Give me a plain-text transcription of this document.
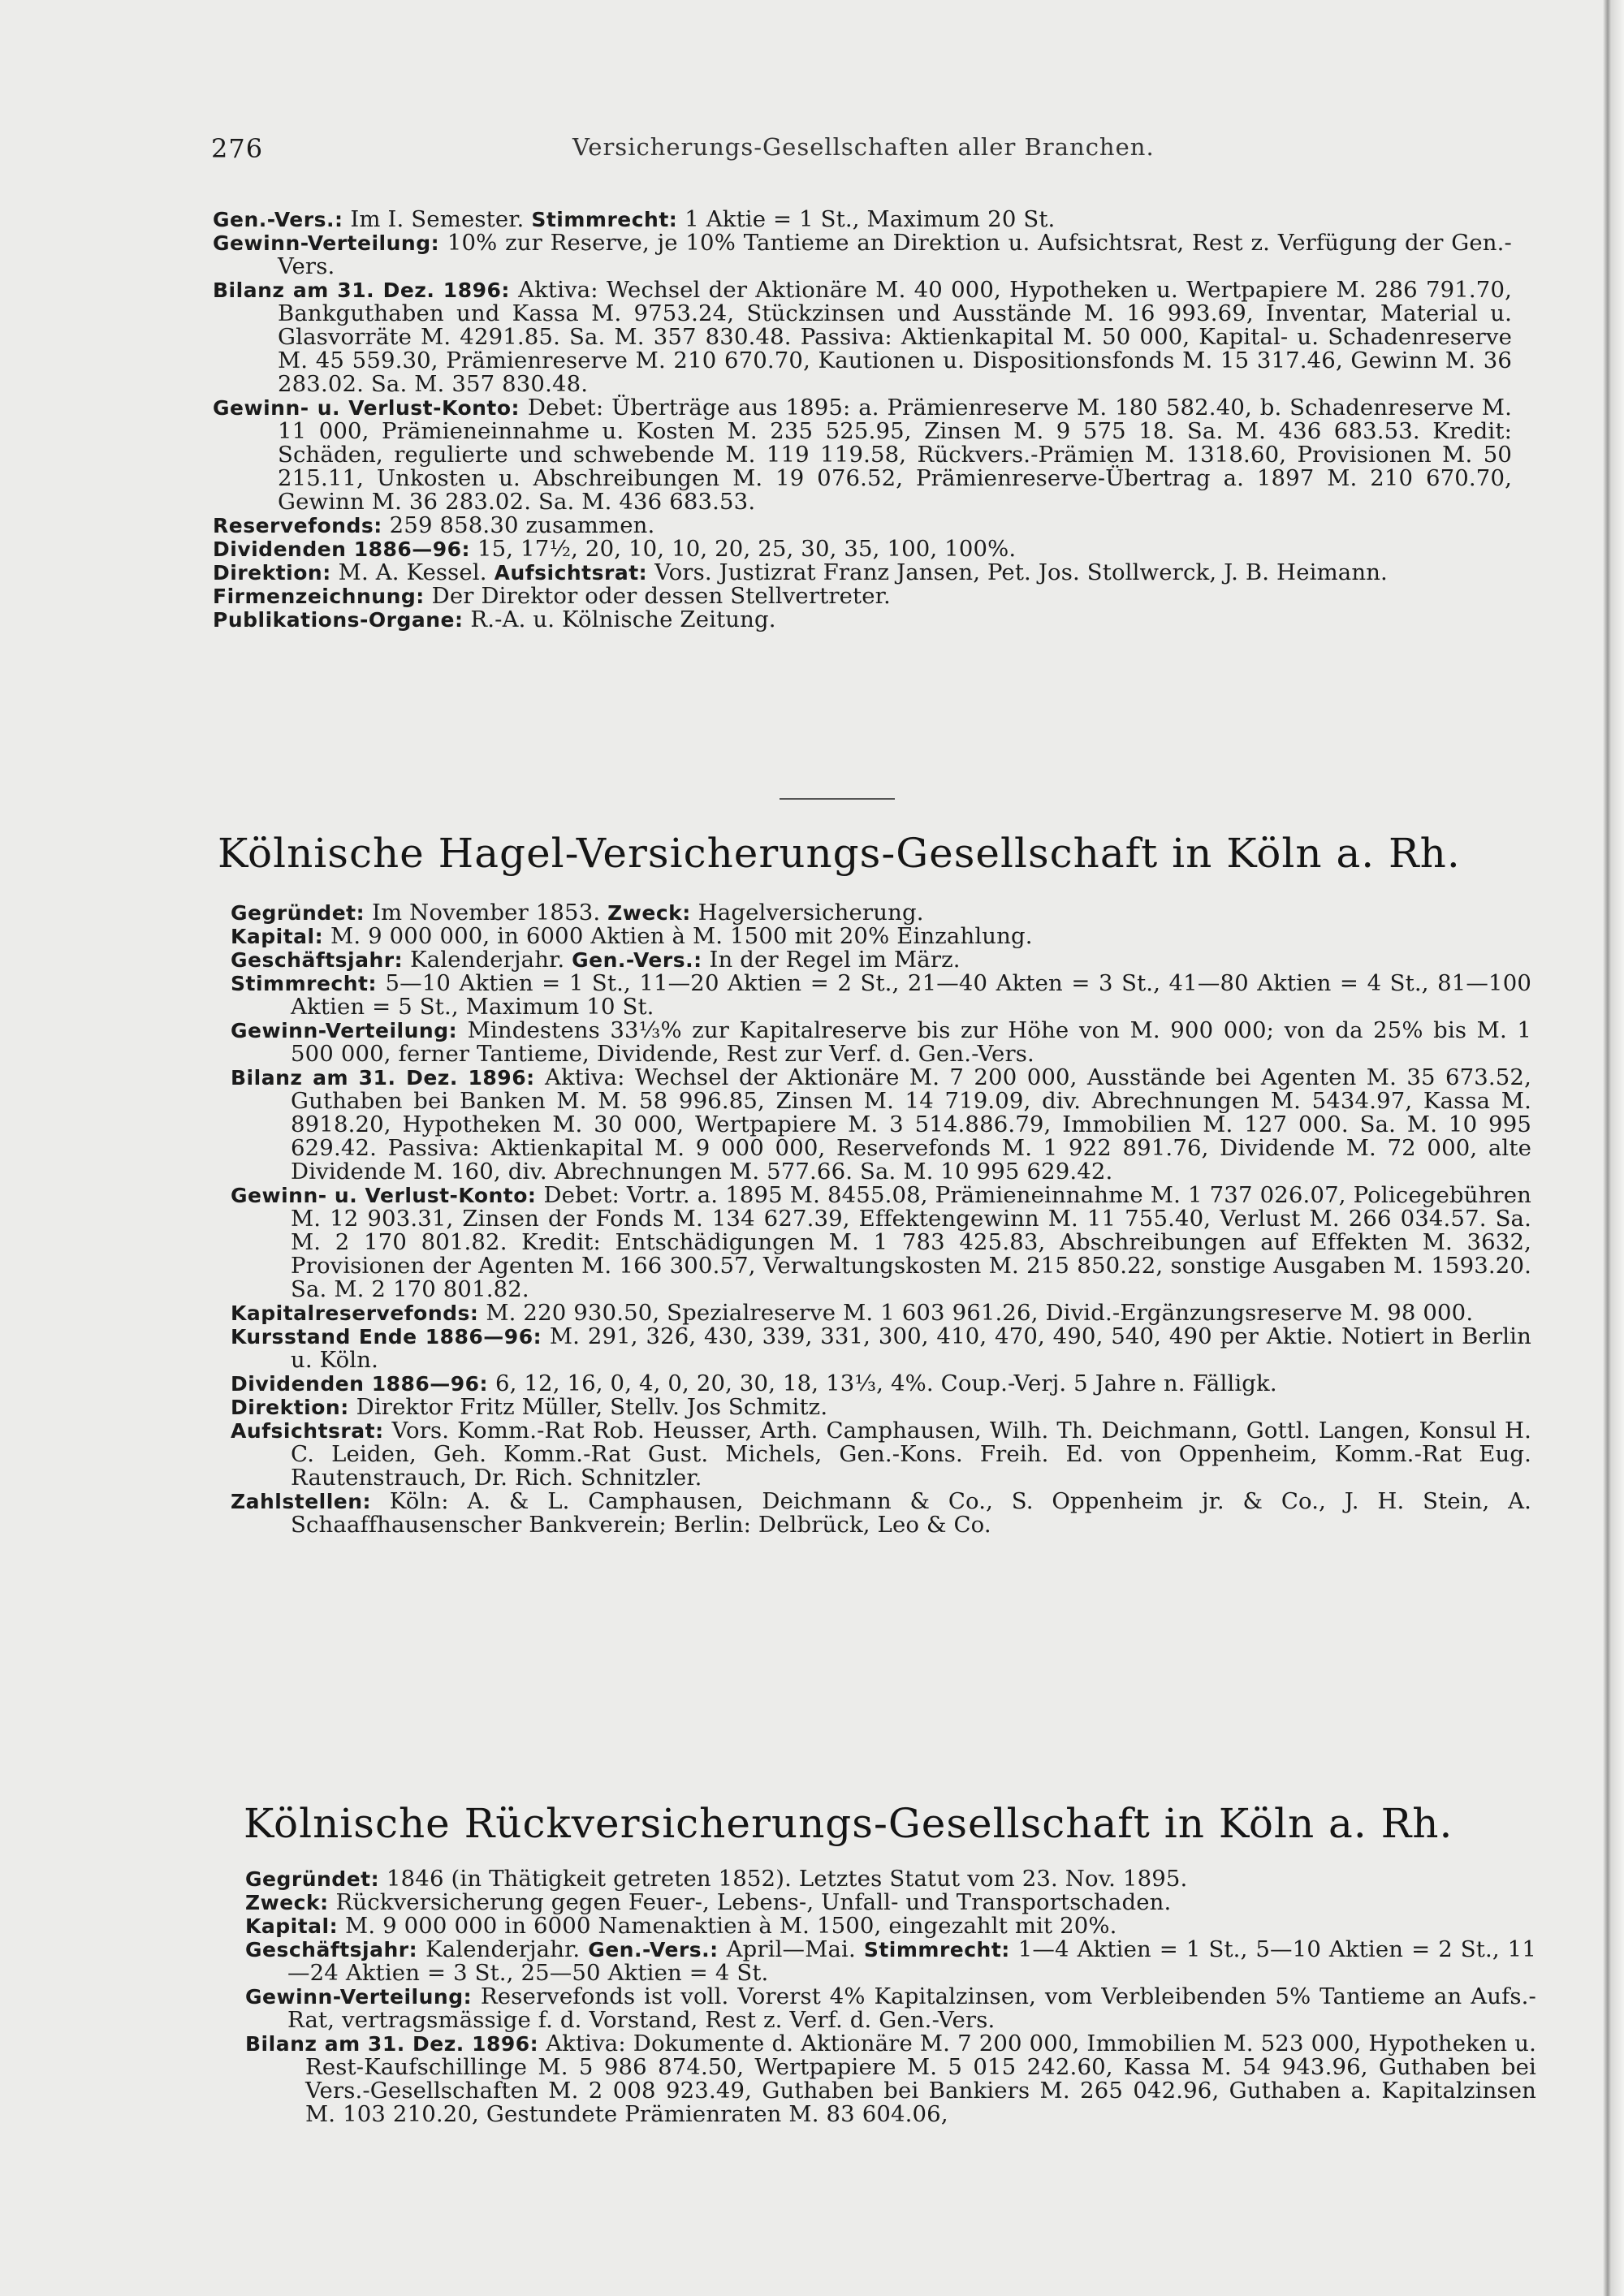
276	Versicherungs-Gesellschaften aller Branchen.

Gen.-Vers.: Im I. Semester. Stimmrecht: 1 Aktie = 1 St., Maximum 20 St.

Gewinn-Verteilung: 10% zur Reserve, je 10% Tantieme an Direktion u. Aufsichtsrat, Rest z. Verfügung der Gen.-Vers.

Bilanz am 31. Dez. 1896: Aktiva: Wechsel der Aktionäre M. 40 000, Hypotheken u. Wertpapiere M. 286 791.70, Bankguthaben und Kassa M. 9753.24, Stückzinsen und Ausstände M. 16 993.69, Inventar, Material u. Glasvorräte M. 4291.85. Sa. M. 357 830.48. Passiva: Aktienkapital M. 50 000, Kapital- u. Schadenreserve M. 45 559.30, Prämienreserve M. 210 670.70, Kautionen u. Dispositionsfonds M. 15 317.46, Gewinn M. 36 283.02. Sa. M. 357 830.48.

Gewinn- u. Verlust-Konto: Debet: Überträge aus 1895: a. Prämienreserve M. 180 582.40, b. Schadenreserve M. 11 000, Prämieneinnahme u. Kosten M. 235 525.95, Zinsen M. 9 575 18. Sa. M. 436 683.53. Kredit: Schäden, regulierte und schwebende M. 119 119.58, Rückvers.-Prämien M. 1318.60, Provisionen M. 50 215.11, Unkosten u. Abschreibungen M. 19 076.52, Prämienreserve-Übertrag a. 1897 M. 210 670.70, Gewinn M. 36 283.02. Sa. M. 436 683.53.

Reservefonds: 259 858.30 zusammen.

Dividenden 1886—96: 15, 17½, 20, 10, 10, 20, 25, 30, 35, 100, 100%.

Direktion: M. A. Kessel. Aufsichtsrat: Vors. Justizrat Franz Jansen, Pet. Jos. Stollwerck, J. B. Heimann.

Firmenzeichnung: Der Direktor oder dessen Stellvertreter.

Publikations-Organe: R.-A. u. Kölnische Zeitung.

Kölnische Hagel-Versicherungs-Gesellschaft in Köln a. Rh.

Gegründet: Im November 1853. Zweck: Hagelversicherung.

Kapital: M. 9 000 000, in 6000 Aktien à M. 1500 mit 20% Einzahlung.

Geschäftsjahr: Kalenderjahr. Gen.-Vers.: In der Regel im März.

Stimmrecht: 5—10 Aktien = 1 St., 11—20 Aktien = 2 St., 21—40 Akten = 3 St., 41—80 Aktien = 4 St., 81—100 Aktien = 5 St., Maximum 10 St.

Gewinn-Verteilung: Mindestens 33⅓% zur Kapitalreserve bis zur Höhe von M. 900 000; von da 25% bis M. 1 500 000, ferner Tantieme, Dividende, Rest zur Verf. d. Gen.-Vers.

Bilanz am 31. Dez. 1896: Aktiva: Wechsel der Aktionäre M. 7 200 000, Ausstände bei Agenten M. 35 673.52, Guthaben bei Banken M. M. 58 996.85, Zinsen M. 14 719.09, div. Abrechnungen M. 5434.97, Kassa M. 8918.20, Hypotheken M. 30 000, Wertpapiere M. 3 514.886.79, Immobilien M. 127 000. Sa. M. 10 995 629.42. Passiva: Aktienkapital M. 9 000 000, Reservefonds M. 1 922 891.76, Dividende M. 72 000, alte Dividende M. 160, div. Abrechnungen M. 577.66. Sa. M. 10 995 629.42.

Gewinn- u. Verlust-Konto: Debet: Vortr. a. 1895 M. 8455.08, Prämieneinnahme M. 1 737 026.07, Policegebühren M. 12 903.31, Zinsen der Fonds M. 134 627.39, Effektengewinn M. 11 755.40, Verlust M. 266 034.57. Sa. M. 2 170 801.82. Kredit: Entschädigungen M. 1 783 425.83, Abschreibungen auf Effekten M. 3632, Provisionen der Agenten M. 166 300.57, Verwaltungskosten M. 215 850.22, sonstige Ausgaben M. 1593.20. Sa. M. 2 170 801.82.

Kapitalreservefonds: M. 220 930.50, Spezialreserve M. 1 603 961.26, Divid.-Ergänzungsreserve M. 98 000.

Kursstand Ende 1886—96: M. 291, 326, 430, 339, 331, 300, 410, 470, 490, 540, 490 per Aktie. Notiert in Berlin u. Köln.

Dividenden 1886—96: 6, 12, 16, 0, 4, 0, 20, 30, 18, 13⅓, 4%. Coup.-Verj. 5 Jahre n. Fälligk.

Direktion: Direktor Fritz Müller, Stellv. Jos Schmitz.

Aufsichtsrat: Vors. Komm.-Rat Rob. Heusser, Arth. Camphausen, Wilh. Th. Deichmann, Gottl. Langen, Konsul H. C. Leiden, Geh. Komm.-Rat Gust. Michels, Gen.-Kons. Freih. Ed. von Oppenheim, Komm.-Rat Eug. Rautenstrauch, Dr. Rich. Schnitzler.

Zahlstellen: Köln: A. & L. Camphausen, Deichmann & Co., S. Oppenheim jr. & Co., J. H. Stein, A. Schaaffhausenscher Bankverein; Berlin: Delbrück, Leo & Co.

Kölnische Rückversicherungs-Gesellschaft in Köln a. Rh.

Gegründet: 1846 (in Thätigkeit getreten 1852). Letztes Statut vom 23. Nov. 1895.

Zweck: Rückversicherung gegen Feuer-, Lebens-, Unfall- und Transportschaden.

Kapital: M. 9 000 000 in 6000 Namenaktien à M. 1500, eingezahlt mit 20%.

Geschäftsjahr: Kalenderjahr. Gen.-Vers.: April—Mai. Stimmrecht: 1—4 Aktien = 1 St., 5—10 Aktien = 2 St., 11—24 Aktien = 3 St., 25—50 Aktien = 4 St.

Gewinn-Verteilung: Reservefonds ist voll. Vorerst 4% Kapitalzinsen, vom Verbleibenden 5% Tantieme an Aufs.-Rat, vertragsmässige f. d. Vorstand, Rest z. Verf. d. Gen.-Vers.

Bilanz am 31. Dez. 1896: Aktiva: Dokumente d. Aktionäre M. 7 200 000, Immobilien M. 523 000, Hypotheken u. Rest-Kaufschillinge M. 5 986 874.50, Wertpapiere M. 5 015 242.60, Kassa M. 54 943.96, Guthaben bei Vers.-Gesellschaften M. 2 008 923.49, Guthaben bei Bankiers M. 265 042.96, Guthaben a. Kapitalzinsen M. 103 210.20, Gestundete Prämienraten M. 83 604.06,
